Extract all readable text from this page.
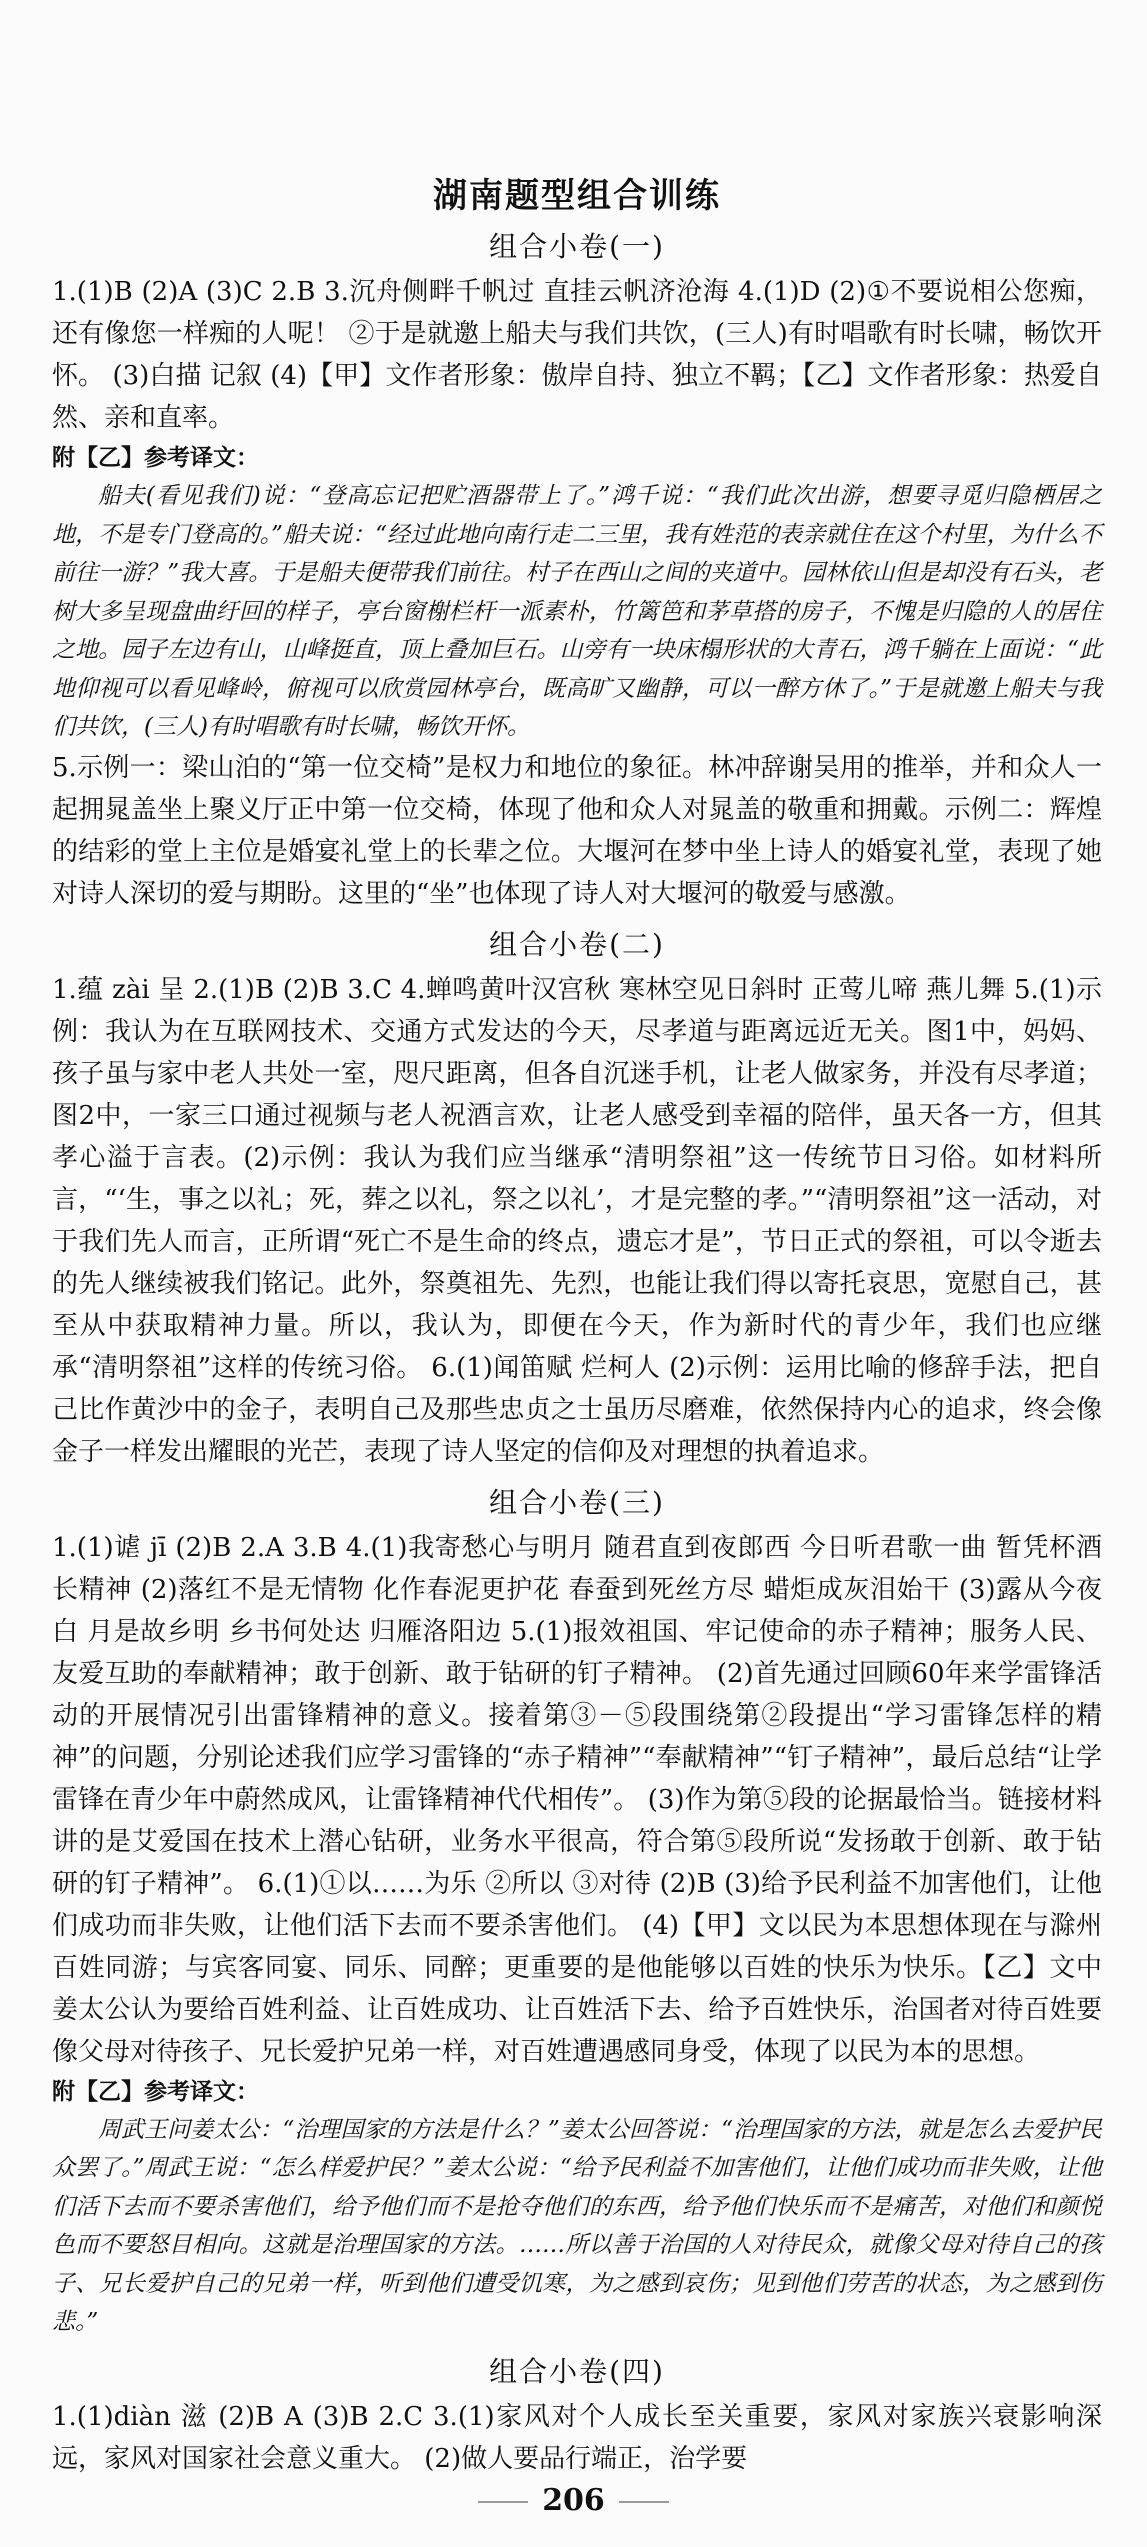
湖南题型组合训练
组合小卷(一)

1.(1)B (2)A (3)C 2.B 3.沉舟侧畔千帆过 直挂云帆济沧海 4.(1)D (2)①不要说相公您痴，还有像您一样痴的人呢！ ②于是就邀上船夫与我们共饮，(三人)有时唱歌有时长啸，畅饮开怀。 (3)白描 记叙 (4)【甲】文作者形象：傲岸自持、独立不羁；【乙】文作者形象：热爱自然、亲和直率。

附【乙】参考译文：

船夫(看见我们)说：“登高忘记把贮酒器带上了。”鸿千说：“我们此次出游，想要寻觅归隐栖居之地，不是专门登高的。”船夫说：“经过此地向南行走二三里，我有姓范的表亲就住在这个村里，为什么不前往一游？”我大喜。于是船夫便带我们前往。村子在西山之间的夹道中。园林依山但是却没有石头，老树大多呈现盘曲纡回的样子，亭台窗榭栏杆一派素朴，竹篱笆和茅草搭的房子，不愧是归隐的人的居住之地。园子左边有山，山峰挺直，顶上叠加巨石。山旁有一块床榻形状的大青石，鸿千躺在上面说：“此地仰视可以看见峰岭，俯视可以欣赏园林亭台，既高旷又幽静，可以一醉方休了。”于是就邀上船夫与我们共饮，(三人)有时唱歌有时长啸，畅饮开怀。

5.示例一：梁山泊的“第一位交椅”是权力和地位的象征。林冲辞谢吴用的推举，并和众人一起拥晁盖坐上聚义厅正中第一位交椅，体现了他和众人对晁盖的敬重和拥戴。示例二：辉煌的结彩的堂上主位是婚宴礼堂上的长辈之位。大堰河在梦中坐上诗人的婚宴礼堂，表现了她对诗人深切的爱与期盼。这里的“坐”也体现了诗人对大堰河的敬爱与感激。

组合小卷(二)

1.蕴 zài 呈 2.(1)B (2)B 3.C 4.蝉鸣黄叶汉宫秋 寒林空见日斜时 正莺儿啼 燕儿舞 5.(1)示例：我认为在互联网技术、交通方式发达的今天，尽孝道与距离远近无关。图1中，妈妈、孩子虽与家中老人共处一室，咫尺距离，但各自沉迷手机，让老人做家务，并没有尽孝道；图2中，一家三口通过视频与老人祝酒言欢，让老人感受到幸福的陪伴，虽天各一方，但其孝心溢于言表。(2)示例：我认为我们应当继承“清明祭祖”这一传统节日习俗。如材料所言，“‘生，事之以礼；死，葬之以礼，祭之以礼’，才是完整的孝。”“清明祭祖”这一活动，对于我们先人而言，正所谓“死亡不是生命的终点，遗忘才是”，节日正式的祭祖，可以令逝去的先人继续被我们铭记。此外，祭奠祖先、先烈，也能让我们得以寄托哀思，宽慰自己，甚至从中获取精神力量。所以，我认为，即便在今天，作为新时代的青少年，我们也应继承“清明祭祖”这样的传统习俗。 6.(1)闻笛赋 烂柯人 (2)示例：运用比喻的修辞手法，把自己比作黄沙中的金子，表明自己及那些忠贞之士虽历尽磨难，依然保持内心的追求，终会像金子一样发出耀眼的光芒，表现了诗人坚定的信仰及对理想的执着追求。

组合小卷(三)

1.(1)谑 jī (2)B 2.A 3.B 4.(1)我寄愁心与明月 随君直到夜郎西 今日听君歌一曲 暂凭杯酒长精神 (2)落红不是无情物 化作春泥更护花 春蚕到死丝方尽 蜡炬成灰泪始干 (3)露从今夜白 月是故乡明 乡书何处达 归雁洛阳边 5.(1)报效祖国、牢记使命的赤子精神；服务人民、友爱互助的奉献精神；敢于创新、敢于钻研的钉子精神。 (2)首先通过回顾60年来学雷锋活动的开展情况引出雷锋精神的意义。接着第③－⑤段围绕第②段提出“学习雷锋怎样的精神”的问题，分别论述我们应学习雷锋的“赤子精神”“奉献精神”“钉子精神”，最后总结“让学雷锋在青少年中蔚然成风，让雷锋精神代代相传”。 (3)作为第⑤段的论据最恰当。链接材料讲的是艾爱国在技术上潜心钻研，业务水平很高，符合第⑤段所说“发扬敢于创新、敢于钻研的钉子精神”。 6.(1)①以……为乐 ②所以 ③对待 (2)B (3)给予民利益不加害他们，让他们成功而非失败，让他们活下去而不要杀害他们。 (4)【甲】文以民为本思想体现在与滁州百姓同游；与宾客同宴、同乐、同醉；更重要的是他能够以百姓的快乐为快乐。【乙】文中姜太公认为要给百姓利益、让百姓成功、让百姓活下去、给予百姓快乐，治国者对待百姓要像父母对待孩子、兄长爱护兄弟一样，对百姓遭遇感同身受，体现了以民为本的思想。

附【乙】参考译文：

周武王问姜太公：“治理国家的方法是什么？”姜太公回答说：“治理国家的方法，就是怎么去爱护民众罢了。”周武王说：“怎么样爱护民？”姜太公说：“给予民利益不加害他们，让他们成功而非失败，让他们活下去而不要杀害他们，给予他们而不是抢夺他们的东西，给予他们快乐而不是痛苦，对他们和颜悦色而不要怒目相向。这就是治理国家的方法。……所以善于治国的人对待民众，就像父母对待自己的孩子、兄长爱护自己的兄弟一样，听到他们遭受饥寒，为之感到哀伤；见到他们劳苦的状态，为之感到伤悲。”

组合小卷(四)

1.(1)diàn 滋 (2)B A (3)B 2.C 3.(1)家风对个人成长至关重要，家风对家族兴衰影响深远，家风对国家社会意义重大。 (2)做人要品行端正，治学要

206
